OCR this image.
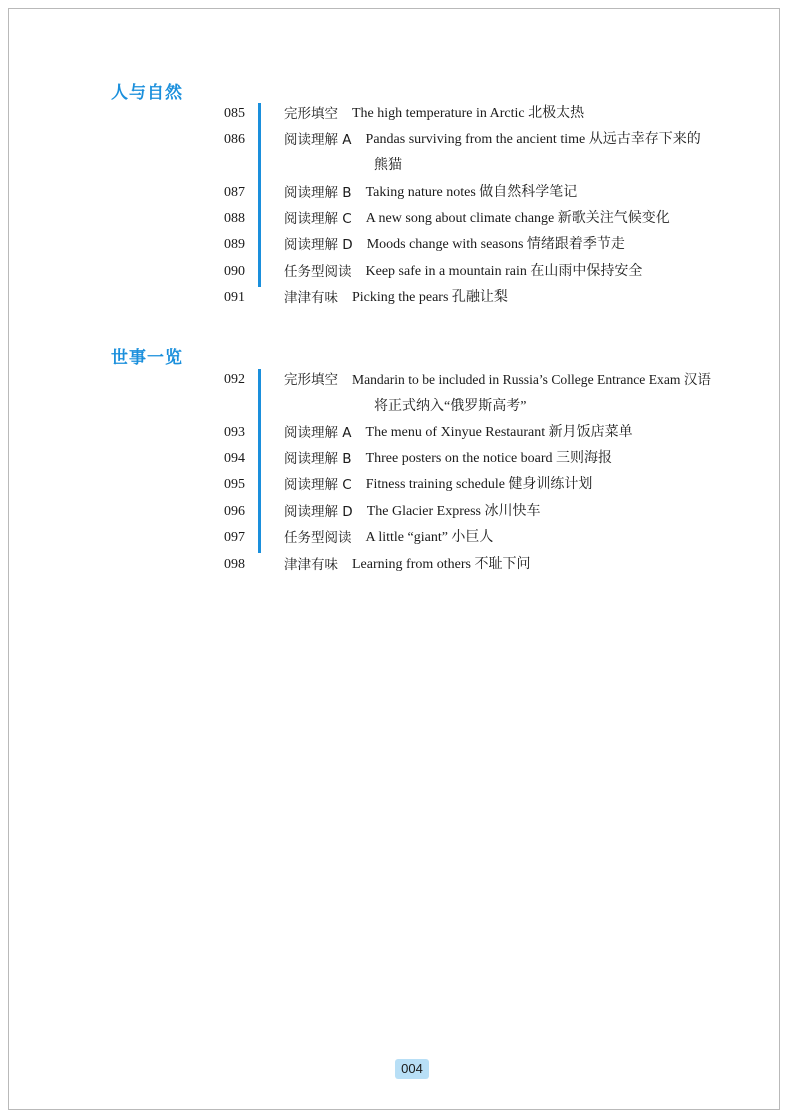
人与自然
085	完形填空 The high temperature in Arctic 北极太热
086	阅读理解 A Pandas surviving from the ancient time 从远古幸存下来的
熊猫
087	阅读理解 B Taking nature notes 做自然科学笔记
088	阅读理解 C A new song about climate change 新歌关注气候变化
089	阅读理解 D Moods change with seasons 情绪跟着季节走
090	任务型阅读 Keep safe in a mountain rain 在山雨中保持安全
091	津津有味 Picking the pears 孔融让梨
世事一览
092	完形填空 Mandarin to be included in Russia’s College Entrance Exam 汉语
将正式纳入“俄罗斯高考”
093	阅读理解 A The menu of Xinyue Restaurant 新月饭店菜单
094	阅读理解 B Three posters on the notice board 三则海报
095	阅读理解 C Fitness training schedule 健身训练计划
096	阅读理解 D The Glacier Express 冰川快车
097	任务型阅读 A little “giant” 小巨人
098	津津有味 Learning from others 不耻下问
004
